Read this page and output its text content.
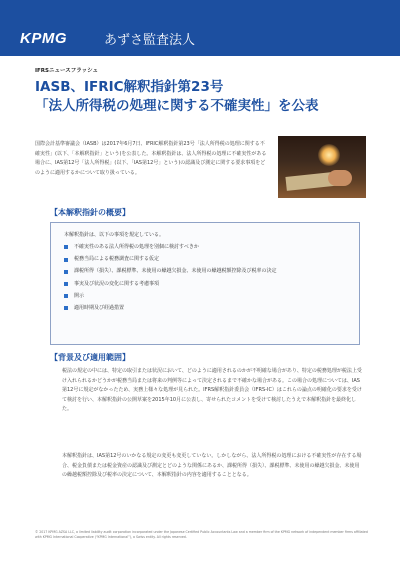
KPMG	あずさ監査法人
IFRSニュースフラッシュ
IASB、IFRIC解釈指針第23号
「法人所得税の処理に関する不確実性」を公表

国際会計基準審議会（IASB）は2017年6月7日、IFRIC解釈指針第23号「法人所得税の処理に関する不確実性」(以下、「本解釈指針」という)を公表した。本解釈指針は、法人所得税の処理に不確実性がある場合に、IAS第12号「法人所得税」(以下、「IAS第12号」という)の認識及び測定に関する要求事項をどのように適用するかについて取り扱っている。

【本解釈指針の概要】
本解釈指針は、以下の事項を規定している。
不確実性のある法人所得税の処理を別個に検討すべきか
税務当局による税務調査に関する仮定
課税所得（損失）、課税標準、未使用の繰越欠損金、未使用の繰越税額控除及び税率の決定
事実及び状況の変化に関する考慮事項
開示
適用時期及び経過措置
【背景及び適用範囲】

税法の規定の中には、特定の取引または状況において、どのように適用されるのかが不明確な場合があり、特定の税務処理が税法上受け入れられるかどうかが税務当局または将来の判例等によって決定されるまで不確かな場合がある。この場合の処理については、IAS第12号に規定がなかったため、実務上様々な処理が見られた。IFRS解釈指針委員会（IFRS-IC）はこれらの論点の明確化の要求を受けて検討を行い、本解釈指針の公開草案を2015年10月に公表し、寄せられたコメントを受けて検討したうえで本解釈指針を最終化した。

本解釈指針は、IAS第12号のいかなる規定の変更も変更していない。しかしながら、法人所得税の処理における不確実性が存在する場合、税金負債または税金資産の認識及び測定とどのような関係にあるか、課税所得（損失）、課税標準、未使用の繰越欠損金、未使用の繰越税額控除及び税率の決定について、本解釈指針の内容を適用することとなる。

© 2017 KPMG AZSA LLC, a limited liability audit corporation incorporated under the Japanese Certified Public Accountants Law and a member firm of the KPMG network of independent member firms affiliated with KPMG International Cooperative (“KPMG International”), a Swiss entity. All rights reserved.
